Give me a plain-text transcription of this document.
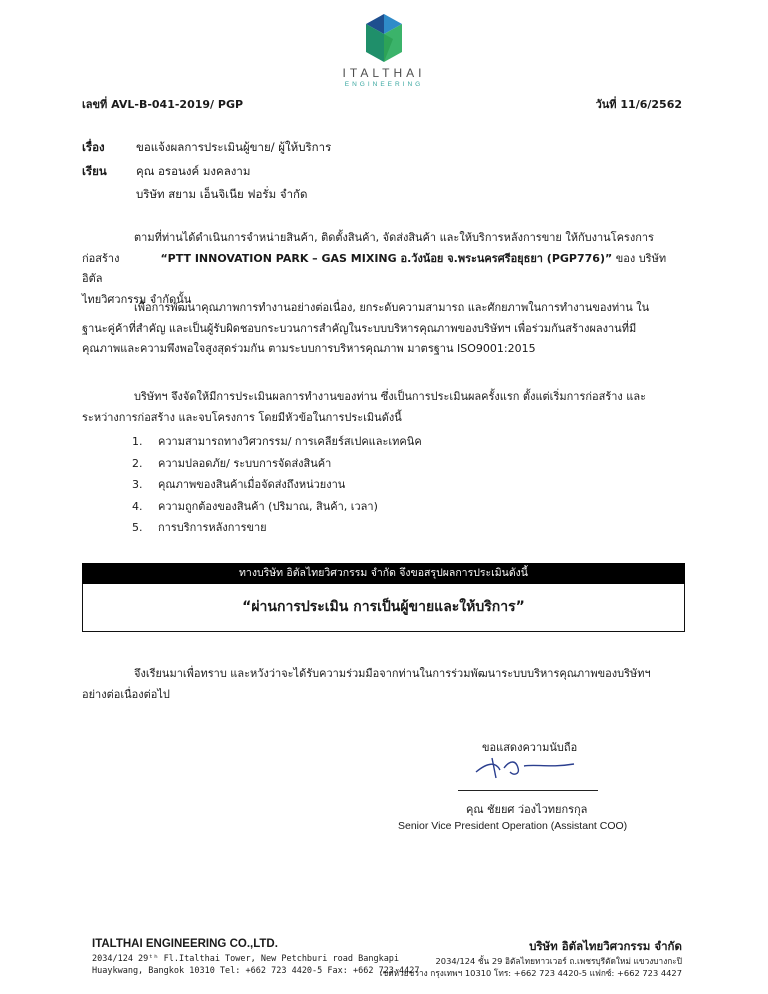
ITALTHAI
ENGINEERING
เลขที่ AVL-B-041-2019/ PGP	วันที่ 11/6/2562
เรื่อง	ขอแจ้งผลการประเมินผู้ขาย/ ผู้ให้บริการ
เรียน	คุณ อรอนงค์ มงคลงาม
บริษัท สยาม เอ็นจิเนีย ฟอรั่ม จำกัด
ตามที่ท่านได้ดำเนินการจำหน่ายสินค้า, ติดตั้งสินค้า, จัดส่งสินค้า และให้บริการหลังการขาย ให้กับงานโครงการ
ก่อสร้าง	“PTT INNOVATION PARK – GAS MIXING อ.วังน้อย จ.พระนครศรีอยุธยา (PGP776)” ของ บริษัท อิตัล
ไทยวิศวกรรม จำกัดนั้น
เพื่อการพัฒนาคุณภาพการทำงานอย่างต่อเนื่อง, ยกระดับความสามารถ และศักยภาพในการทำงานของท่าน ใน
ฐานะคู่ค้าที่สำคัญ และเป็นผู้รับผิดชอบกระบวนการสำคัญในระบบบริหารคุณภาพของบริษัทฯ เพื่อร่วมกันสร้างผลงานที่มี
คุณภาพและความพึงพอใจสูงสุดร่วมกัน ตามระบบการบริหารคุณภาพ มาตรฐาน ISO9001:2015
บริษัทฯ จึงจัดให้มีการประเมินผลการทำงานของท่าน ซึ่งเป็นการประเมินผลครั้งแรก ตั้งแต่เริ่มการก่อสร้าง และ
ระหว่างการก่อสร้าง และจบโครงการ โดยมีหัวข้อในการประเมินดังนี้
1. ความสามารถทางวิศวกรรม/ การเคลียร์สเปคและเทคนิค
2. ความปลอดภัย/ ระบบการจัดส่งสินค้า
3. คุณภาพของสินค้าเมื่อจัดส่งถึงหน่วยงาน
4. ความถูกต้องของสินค้า (ปริมาณ, สินค้า, เวลา)
5. การบริการหลังการขาย
ทางบริษัท อิตัลไทยวิศวกรรม จำกัด จึงขอสรุปผลการประเมินดังนี้
“ผ่านการประเมิน การเป็นผู้ขายและให้บริการ”
จึงเรียนมาเพื่อทราบ และหวังว่าจะได้รับความร่วมมือจากท่านในการร่วมพัฒนาระบบบริหารคุณภาพของบริษัทฯ
อย่างต่อเนื่องต่อไป
ขอแสดงความนับถือ
คุณ ชัยยศ ว่องไวทยกรกุล
Senior Vice President Operation (Assistant COO)
ITALTHAI ENGINEERING CO.,LTD.
2034/124 29ᵗʰ Fl.Italthai Tower, New Petchburi road Bangkapi
Huaykwang, Bangkok 10310 Tel: +662 723 4420-5 Fax: +662 723 4427
บริษัท อิตัลไทยวิศวกรรม จำกัด
2034/124 ชั้น 29 อิตัลไทยทาวเวอร์ ถ.เพชรบุรีตัดใหม่ แขวงบางกะปิ
เขตห้วยขวาง กรุงเทพฯ 10310 โทร: +662 723 4420-5 แฟกซ์: +662 723 4427
